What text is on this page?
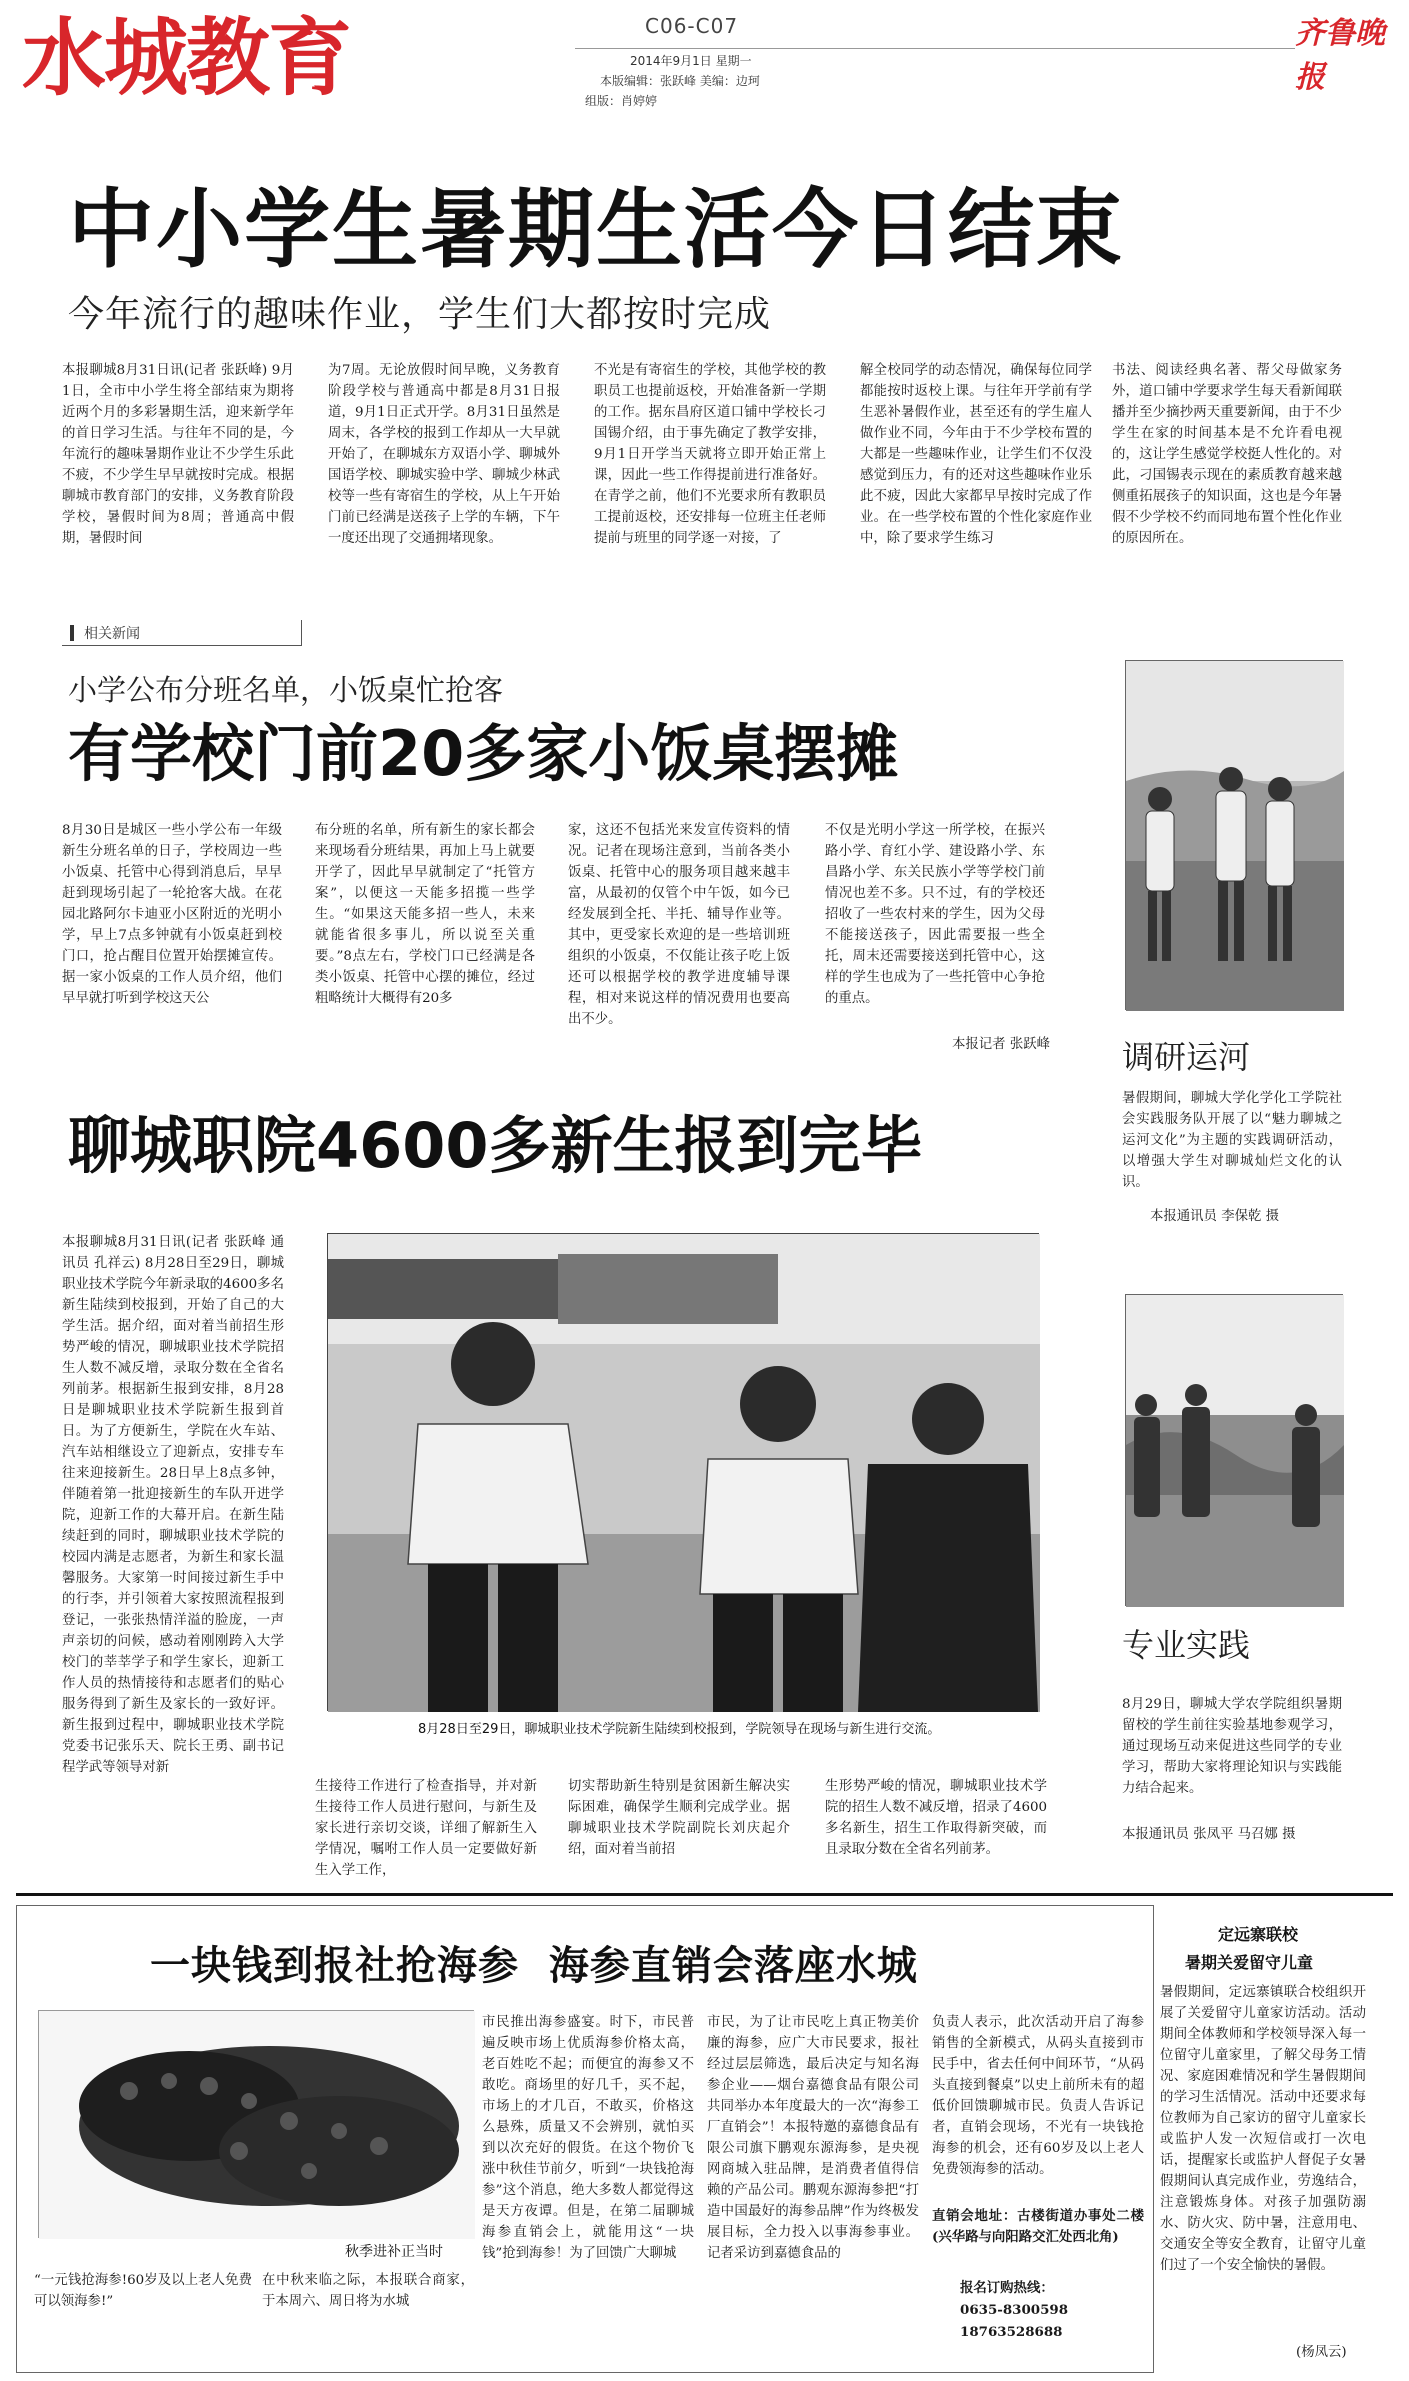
水城教育	C06-C07
2014年9月1日 星期一
本版编辑：张跃峰 美编：边珂
组版：肖婷婷
齐鲁晚报
中小学生暑期生活今日结束
今年流行的趣味作业，学生们大都按时完成
本报聊城8月31日讯(记者 张跃峰) 9月1日，全市中小学生将全部结束为期将近两个月的多彩暑期生活，迎来新学年的首日学习生活。与往年不同的是，今年流行的趣味暑期作业让不少学生乐此不疲，不少学生早早就按时完成。根据聊城市教育部门的安排，义务教育阶段学校，暑假时间为8周；普通高中假期，暑假时间
为7周。无论放假时间早晚，义务教育阶段学校与普通高中都是8月31日报道，9月1日正式开学。8月31日虽然是周末，各学校的报到工作却从一大早就开始了，在聊城东方双语小学、聊城外国语学校、聊城实验中学、聊城少林武校等一些有寄宿生的学校，从上午开始门前已经满是送孩子上学的车辆，下午一度还出现了交通拥堵现象。
不光是有寄宿生的学校，其他学校的教职员工也提前返校，开始准备新一学期的工作。据东昌府区道口铺中学校长刁国锡介绍，由于事先确定了教学安排，9月1日开学当天就将立即开始正常上课，因此一些工作得提前进行准备好。在青学之前，他们不光要求所有教职员工提前返校，还安排每一位班主任老师提前与班里的同学逐一对接，了
解全校同学的动态情况，确保每位同学都能按时返校上课。与往年开学前有学生恶补暑假作业，甚至还有的学生雇人做作业不同，今年由于不少学校布置的大都是一些趣味作业，让学生们不仅没感觉到压力，有的还对这些趣味作业乐此不疲，因此大家都早早按时完成了作业。在一些学校布置的个性化家庭作业中，除了要求学生练习
书法、阅读经典名著、帮父母做家务外，道口铺中学要求学生每天看新闻联播并至少摘抄两天重要新闻，由于不少学生在家的时间基本是不允许看电视的，这让学生感觉学校挺人性化的。对此，刁国锡表示现在的素质教育越来越侧重拓展孩子的知识面，这也是今年暑假不少学校不约而同地布置个性化作业的原因所在。
相关新闻
小学公布分班名单，小饭桌忙抢客
有学校门前20多家小饭桌摆摊
8月30日是城区一些小学公布一年级新生分班名单的日子，学校周边一些小饭桌、托管中心得到消息后，早早赶到现场引起了一轮抢客大战。在花园北路阿尔卡迪亚小区附近的光明小学，早上7点多钟就有小饭桌赶到校门口，抢占醒目位置开始摆摊宣传。据一家小饭桌的工作人员介绍，他们早早就打听到学校这天公
布分班的名单，所有新生的家长都会来现场看分班结果，再加上马上就要开学了，因此早早就制定了“托管方案”，以便这一天能多招揽一些学生。“如果这天能多招一些人，未来就能省很多事儿，所以说至关重要。”8点左右，学校门口已经满是各类小饭桌、托管中心摆的摊位，经过粗略统计大概得有20多
家，这还不包括光来发宣传资料的情况。记者在现场注意到，当前各类小饭桌、托管中心的服务项目越来越丰富，从最初的仅管个中午饭，如今已经发展到全托、半托、辅导作业等。其中，更受家长欢迎的是一些培训班组织的小饭桌，不仅能让孩子吃上饭还可以根据学校的教学进度辅导课程，相对来说这样的情况费用也要高出不少。
不仅是光明小学这一所学校，在振兴路小学、育红小学、建设路小学、东昌路小学、东关民族小学等学校门前情况也差不多。只不过，有的学校还招收了一些农村来的学生，因为父母不能接送孩子，因此需要报一些全托，周末还需要接送到托管中心，这样的学生也成为了一些托管中心争抢的重点。
本报记者 张跃峰 调研运河
暑假期间，聊城大学化学化工学院社会实践服务队开展了以“魅力聊城之运河文化”为主题的实践调研活动，以增强大学生对聊城灿烂文化的认识。
本报通讯员 李保乾 摄
聊城职院4600多新生报到完毕
本报聊城8月31日讯(记者 张跃峰 通讯员 孔祥云) 8月28日至29日，聊城职业技术学院今年新录取的4600多名新生陆续到校报到，开始了自己的大学生活。据介绍，面对着当前招生形势严峻的情况，聊城职业技术学院招生人数不减反增，录取分数在全省名列前茅。根据新生报到安排，8月28日是聊城职业技术学院新生报到首日。为了方便新生，学院在火车站、汽车站相继设立了迎新点，安排专车往来迎接新生。28日早上8点多钟，伴随着第一批迎接新生的车队开进学院，迎新工作的大幕开启。在新生陆续赶到的同时，聊城职业技术学院的校园内满是志愿者，为新生和家长温馨服务。大家第一时间接过新生手中的行李，并引领着大家按照流程报到登记，一张张热情洋溢的脸庞，一声声亲切的问候，感动着刚刚跨入大学校门的莘莘学子和学生家长，迎新工作人员的热情接待和志愿者们的贴心服务得到了新生及家长的一致好评。新生报到过程中，聊城职业技术学院党委书记张乐天、院长王勇、副书记程学武等领导对新
8月28日至29日，聊城职业技术学院新生陆续到校报到，学院领导在现场与新生进行交流。
生接待工作进行了检查指导，并对新生接待工作人员进行慰问，与新生及家长进行亲切交谈，详细了解新生入学情况，嘱咐工作人员一定要做好新生入学工作，
切实帮助新生特别是贫困新生解决实际困难，确保学生顺利完成学业。据聊城职业技术学院副院长刘庆起介绍，面对着当前招
生形势严峻的情况，聊城职业技术学院的招生人数不减反增，招录了4600多名新生，招生工作取得新突破，而且录取分数在全省名列前茅。
专业实践
8月29日，聊城大学农学院组织暑期留校的学生前往实验基地参观学习，通过现场互动来促进这些同学的专业学习，帮助大家将理论知识与实践能力结合起来。
本报通讯员 张凤平 马召娜 摄
一块钱到报社抢海参  海参直销会落座水城
秋季进补正当时
“一元钱抢海参!60岁及以上老人免费可以领海参!”
在中秋来临之际，本报联合商家，于本周六、周日将为水城
市民推出海参盛宴。时下，市民普遍反映市场上优质海参价格太高，老百姓吃不起；而便宜的海参又不敢吃。商场里的好几千，买不起，市场上的才几百，不敢买，价格这么悬殊，质量又不会辨别，就怕买到以次充好的假货。在这个物价飞涨中秋佳节前夕，听到“一块钱抢海参”这个消息，绝大多数人都觉得这是天方夜谭。但是，在第二届聊城海参直销会上，就能用这“一块钱”抢到海参！为了回馈广大聊城
市民，为了让市民吃上真正物美价廉的海参，应广大市民要求，报社经过层层筛选，最后决定与知名海参企业——烟台嘉德食品有限公司共同举办本年度最大的一次“海参工厂直销会”！本报特邀的嘉德食品有限公司旗下鹏观东源海参，是央视网商城入驻品牌，是消费者值得信赖的产品公司。鹏观东源海参把“打造中国最好的海参品牌”作为终极发展目标，全力投入以事海参事业。记者采访到嘉德食品的
负责人表示，此次活动开启了海参销售的全新模式，从码头直接到市民手中，省去任何中间环节，“从码头直接到餐桌”以史上前所未有的超低价回馈聊城市民。负责人告诉记者，直销会现场，不光有一块钱抢海参的机会，还有60岁及以上老人免费领海参的活动。
直销会地址：古楼街道办事处二楼(兴华路与向阳路交汇处西北角)
报名订购热线：
0635-8300598
18763528688
定远寨联校
暑期关爱留守儿童
暑假期间，定远寨镇联合校组织开展了关爱留守儿童家访活动。活动期间全体教师和学校领导深入每一位留守儿童家里，了解父母务工情况、家庭困难情况和学生暑假期间的学习生活情况。活动中还要求每位教师为自己家访的留守儿童家长或监护人发一次短信或打一次电话，提醒家长或监护人督促子女暑假期间认真完成作业，劳逸结合，注意锻炼身体。对孩子加强防溺水、防火灾、防中暑，注意用电、交通安全等安全教育，让留守儿童们过了一个安全愉快的暑假。
(杨凤云)
